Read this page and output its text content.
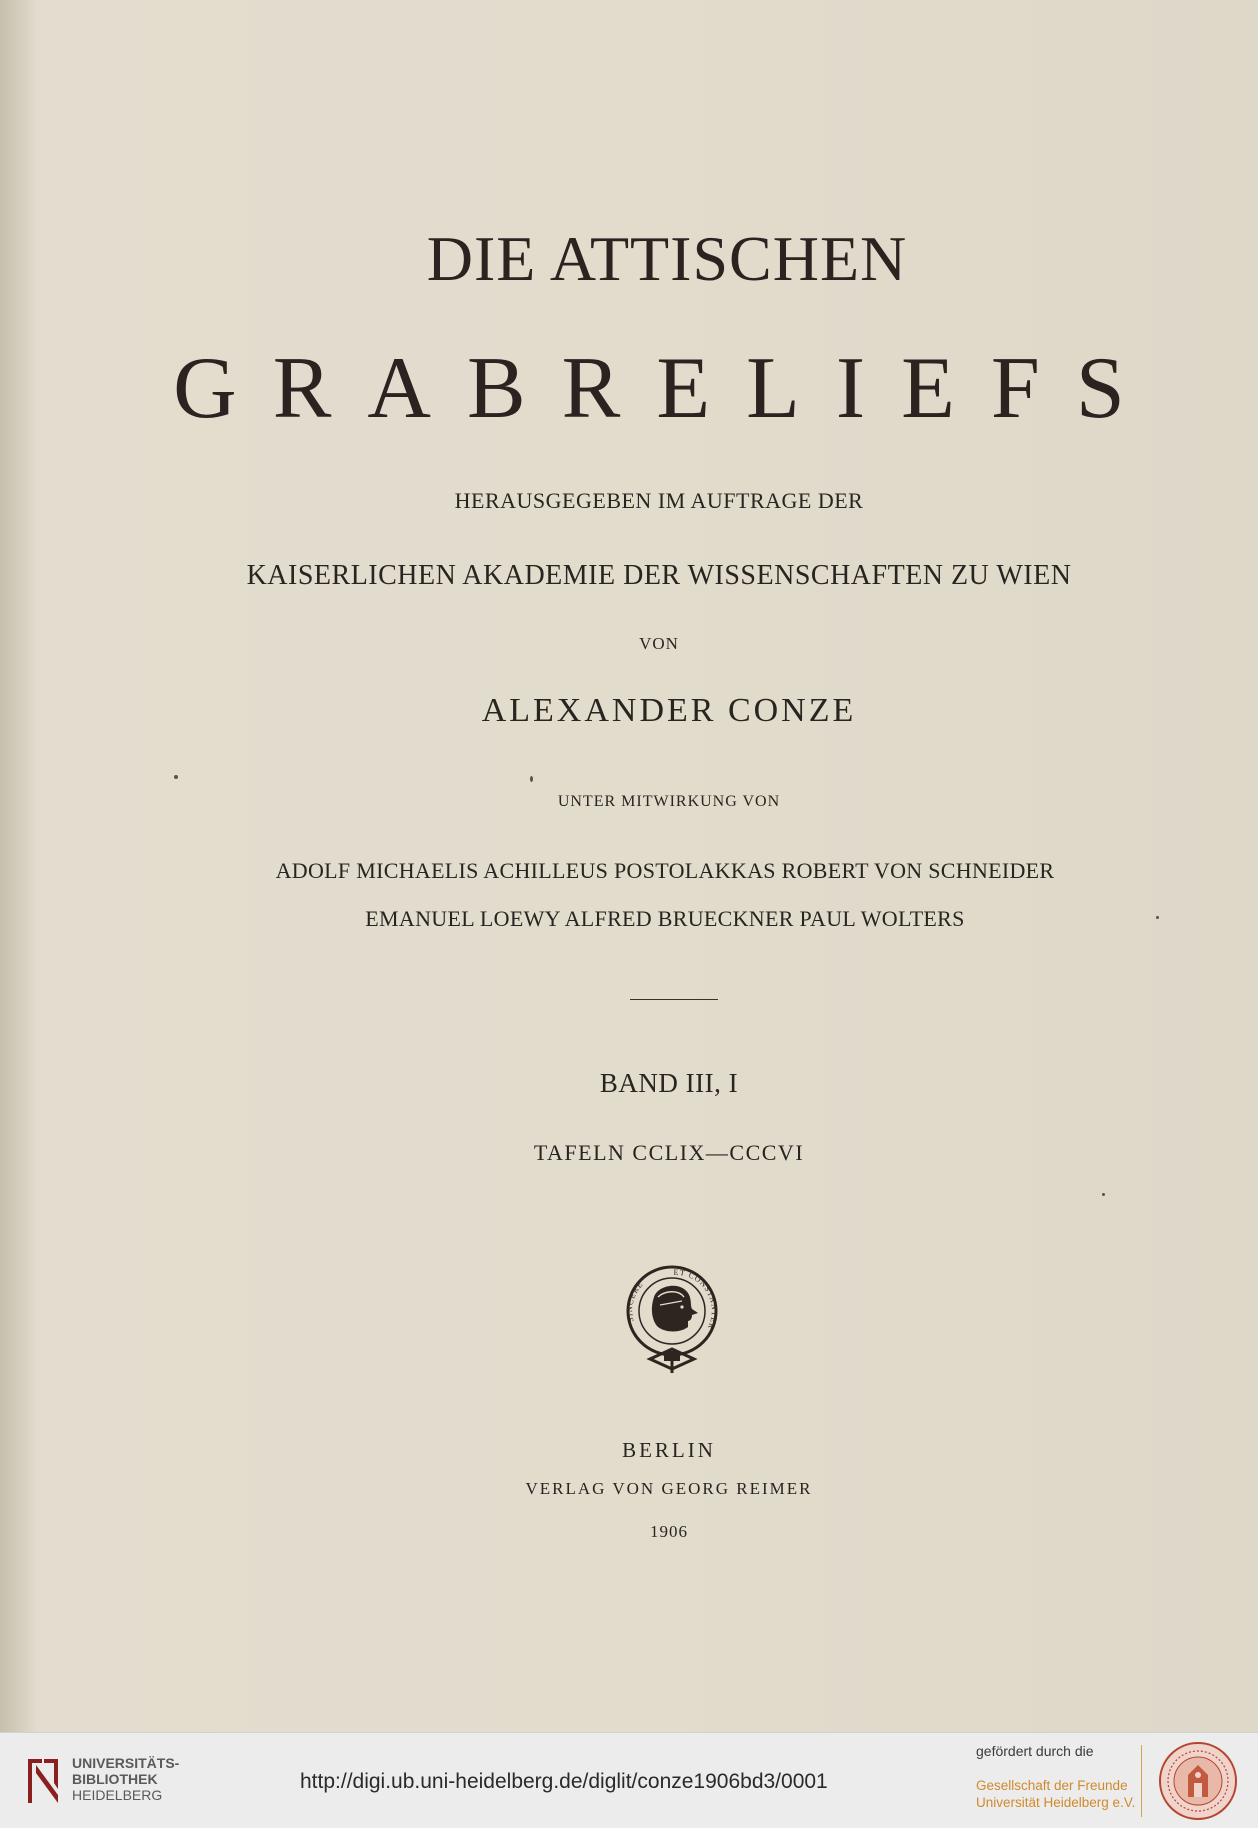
DIE ATTISCHEN
GRABRELIEFS
HERAUSGEGEBEN IM AUFTRAGE DER
KAISERLICHEN AKADEMIE DER WISSENSCHAFTEN ZU WIEN
VON
ALEXANDER CONZE
UNTER MITWIRKUNG VON
ADOLF MICHAELIS ACHILLEUS POSTOLAKKAS ROBERT VON SCHNEIDER
EMANUEL LOEWY ALFRED BRUECKNER PAUL WOLTERS
BAND III, I
TAFELN CCLIX—CCCVI
SINCERE
ET CONSTANTER
BERLIN
VERLAG VON GEORG REIMER
1906
UNIVERSITÄTS-
BIBLIOTHEK
HEIDELBERG
http://digi.ub.uni-heidelberg.de/diglit/conze1906bd3/0001
gefördert durch die
Gesellschaft der Freunde
Universität Heidelberg e.V.
